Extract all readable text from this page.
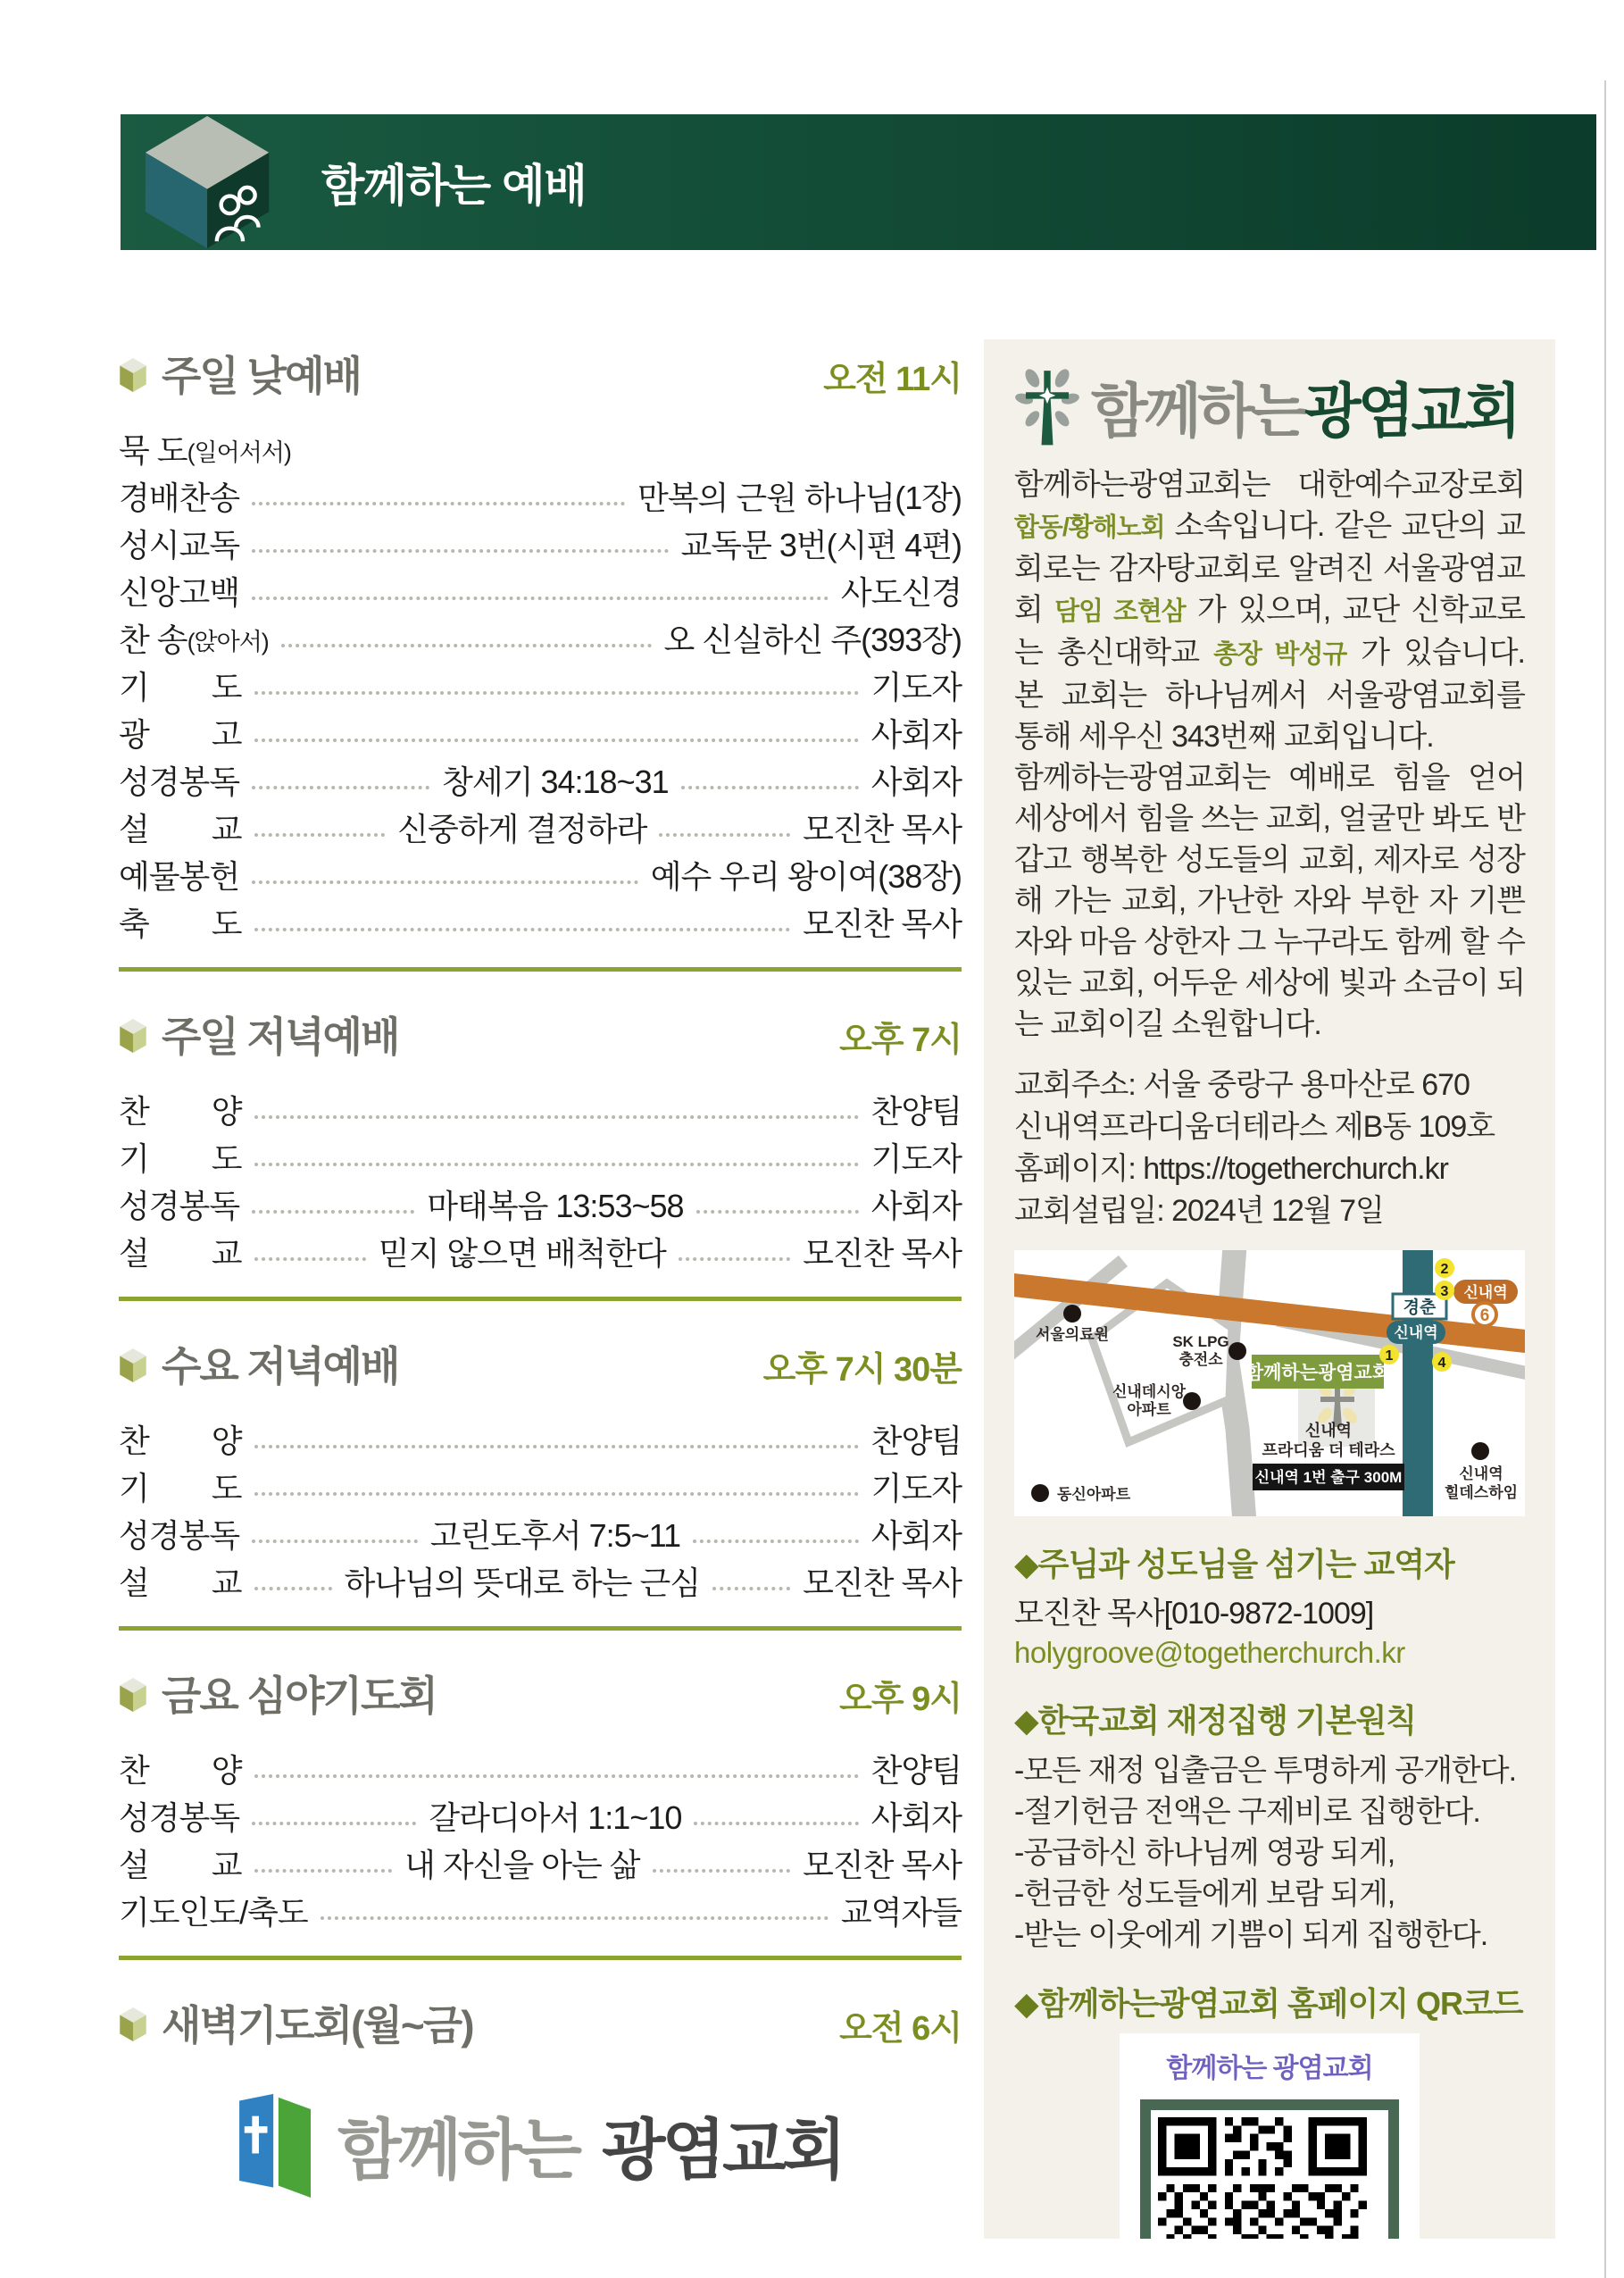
함께하는 예배
주일 낮예배	오전 11시
묵 도 (일어서서)
경배찬송	만복의 근원 하나님(1장)
성시교독	교독문 3번(시편 4편)
신앙고백	사도신경
찬 송 (앉아서)	오 신실하신 주(393장)
기　　도	기도자
광　　고	사회자
성경봉독	창세기 34:18~31	사회자
설　　교	신중하게 결정하라	모진찬 목사
예물봉헌	예수 우리 왕이여(38장)
축　　도	모진찬 목사
주일 저녁예배	오후 7시
찬　　양	찬양팀
기　　도	기도자
성경봉독	마태복음 13:53~58	사회자
설　　교	믿지 않으면 배척한다	모진찬 목사
수요 저녁예배	오후 7시 30분
찬　　양	찬양팀
기　　도	기도자
성경봉독	고린도후서 7:5~11	사회자
설　　교	하나님의 뜻대로 하는 근심	모진찬 목사
금요 심야기도회	오후 9시
찬　　양	찬양팀
성경봉독	갈라디아서 1:1~10	사회자
설　　교	내 자신을 아는 삶	모진찬 목사
기도인도/축도	교역자들
새벽기도회(월~금)	오전 6시
함께하는 광염교회
함께하는 광염교회

함께하는광염교회는 대한예수교장로회 합동/황해노회 소속입니다. 같은 교단의 교회로는 감자탕교회로 알려진 서울광염교회 담임 조현삼 가 있으며, 교단 신학교로는 총신대학교 총장 박성규 가 있습니다. 본 교회는 하나님께서 서울광염교회를 통해 세우신 343번째 교회입니다.

함께하는광염교회는 예배로 힘을 얻어 세상에서 힘을 쓰는 교회, 얼굴만 봐도 반갑고 행복한 성도들의 교회, 제자로 성장해 가는 교회, 가난한 자와 부한 자 기쁜 자와 마음 상한자 그 누구라도 함께 할 수 있는 교회, 어두운 세상에 빛과 소금이 되는 교회이길 소원합니다.

교회주소: 서울 중랑구 용마산로 670
신내역프라디움더테라스 제B동 109호
홈페이지: https://togetherchurch.kr
교회설립일: 2024년 12월 7일
함께하는광염교회
경춘
신내역
신내역
6
2
3
1	4
서울의료원	SK LPG
충전소
신내데시앙
아파트
동신아파트
신내역
힐데스하임
신내역
프라디움 더 테라스
신내역 1번 출구 300M
◆주님과 성도님을 섬기는 교역자
모진찬 목사[010-9872-1009]
holygroove@togetherchurch.kr
◆한국교회 재정집행 기본원칙
-모든 재정 입출금은 투명하게 공개한다.
-절기헌금 전액은 구제비로 집행한다.
-공급하신 하나님께 영광 되게,
-헌금한 성도들에게 보람 되게,
-받는 이웃에게 기쁨이 되게 집행한다.
◆함께하는광염교회 홈페이지 QR코드
함께하는 광염교회
